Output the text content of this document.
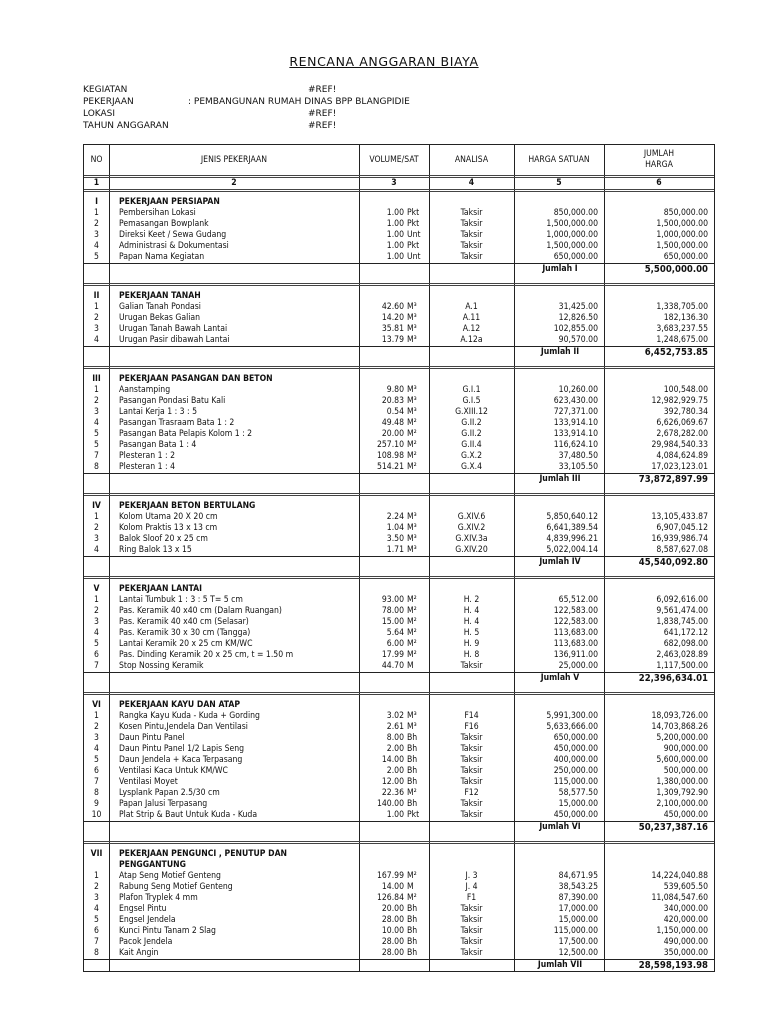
RENCANA ANGGARAN BIAYA
KEGIATAN	#REF!
PEKERJAAN	: PEMBANGUNAN RUMAH DINAS BPP BLANGPIDIE
LOKASI	#REF!
TAHUN ANGGARAN	#REF!
NO	JENIS PEKERJAAN	VOLUME/SAT	ANALISA	HARGA SATUAN
JUMLAH
HARGA
1	2	3	4	5	6
I	PEKERJAAN PERSIAPAN
1	Pembersihan Lokasi	1.00 Pkt	Taksir	850,000.00	850,000.00
2	Pemasangan Bowplank	1.00 Pkt	Taksir	1,500,000.00	1,500,000.00
3	Direksi Keet / Sewa Gudang	1.00 Unt	Taksir	1,000,000.00	1,000,000.00
4	Administrasi & Dokumentasi	1.00 Pkt	Taksir	1,500,000.00	1,500,000.00
5	Papan Nama Kegiatan	1.00 Unt	Taksir	650,000.00	650,000.00
Jumlah I	5,500,000.00
II	PEKERJAAN TANAH
1	Galian Tanah Pondasi	42.60 M³	A.1	31,425.00	1,338,705.00
2	Urugan Bekas Galian	14.20 M³	A.11	12,826.50	182,136.30
3	Urugan Tanah Bawah Lantai	35.81 M³	A.12	102,855.00	3,683,237.55
4	Urugan Pasir dibawah Lantai	13.79 M³	A.12a	90,570.00	1,248,675.00
Jumlah II	6,452,753.85
III	PEKERJAAN PASANGAN DAN BETON
1	Aanstamping	9.80 M³	G.I.1	10,260.00	100,548.00
2	Pasangan Pondasi Batu Kali	20.83 M³	G.I.5	623,430.00	12,982,929.75
3	Lantai Kerja 1 : 3 : 5	0.54 M³	G.XIII.12	727,371.00	392,780.34
4	Pasangan Trasraam Bata 1 : 2	49.48 M²	G.II.2	133,914.10	6,626,069.67
5	Pasangan Bata Pelapis Kolom 1 : 2	20.00 M²	G.II.2	133,914.10	2,678,282.00
5	Pasangan Bata 1 : 4	257.10 M²	G.II.4	116,624.10	29,984,540.33
7	Plesteran 1 : 2	108.98 M²	G.X.2	37,480.50	4,084,624.89
8	Plesteran 1 : 4	514.21 M²	G.X.4	33,105.50	17,023,123.01
Jumlah III	73,872,897.99
IV	PEKERJAAN BETON BERTULANG
1	Kolom Utama 20 X 20 cm	2.24 M³	G.XIV.6	5,850,640.12	13,105,433.87
2	Kolom Praktis 13 x 13 cm	1.04 M³	G.XIV.2	6,641,389.54	6,907,045.12
3	Balok Sloof 20 x 25 cm	3.50 M³	G.XIV.3a	4,839,996.21	16,939,986.74
4	Ring Balok 13 x 15	1.71 M³	G.XIV.20	5,022,004.14	8,587,627.08
Jumlah IV	45,540,092.80
V	PEKERJAAN LANTAI
1	Lantai Tumbuk 1 : 3 : 5 T= 5 cm	93.00 M²	H. 2	65,512.00	6,092,616.00
2	Pas. Keramik 40 x40 cm (Dalam Ruangan)	78.00 M²	H. 4	122,583.00	9,561,474.00
3	Pas. Keramik 40 x40 cm (Selasar)	15.00 M²	H. 4	122,583.00	1,838,745.00
4	Pas. Keramik 30 x 30 cm (Tangga)	5.64 M²	H. 5	113,683.00	641,172.12
5	Lantai Keramik 20 x 25 cm KM/WC	6.00 M²	H. 9	113,683.00	682,098.00
6	Pas. Dinding Keramik 20 x 25 cm, t = 1.50 m	17.99 M²	H. 8	136,911.00	2,463,028.89
7	Stop Nossing Keramik	44.70 M	Taksir	25,000.00	1,117,500.00
Jumlah V	22,396,634.01
VI	PEKERJAAN KAYU DAN ATAP
1	Rangka Kayu Kuda - Kuda + Gording	3.02 M³	F14	5,991,300.00	18,093,726.00
2	Kosen Pintu,Jendela Dan Ventilasi	2.61 M³	F16	5,633,666.00	14,703,868.26
3	Daun Pintu Panel	8.00 Bh	Taksir	650,000.00	5,200,000.00
4	Daun Pintu Panel 1/2 Lapis Seng	2.00 Bh	Taksir	450,000.00	900,000.00
5	Daun Jendela + Kaca Terpasang	14.00 Bh	Taksir	400,000.00	5,600,000.00
6	Ventilasi Kaca Untuk KM/WC	2.00 Bh	Taksir	250,000.00	500,000.00
7	Ventilasi Moyet	12.00 Bh	Taksir	115,000.00	1,380,000.00
8	Lysplank Papan 2.5/30 cm	22.36 M²	F12	58,577.50	1,309,792.90
9	Papan Jalusi Terpasang	140.00 Bh	Taksir	15,000.00	2,100,000.00
10	Plat Strip & Baut Untuk Kuda - Kuda	1.00 Pkt	Taksir	450,000.00	450,000.00
Jumlah VI	50,237,387.16
VII	PEKERJAAN PENGUNCI , PENUTUP DAN PENGGANTUNG
1	Atap Seng Motief Genteng	167.99 M²	J. 3	84,671.95	14,224,040.88
2	Rabung Seng Motief Genteng	14.00 M	J. 4	38,543.25	539,605.50
3	Plafon Tryplek 4 mm	126.84 M²	F1	87,390.00	11,084,547.60
4	Engsel Pintu	20.00 Bh	Taksir	17,000.00	340,000.00
5	Engsel Jendela	28.00 Bh	Taksir	15,000.00	420,000.00
6	Kunci Pintu Tanam 2 Slag	10.00 Bh	Taksir	115,000.00	1,150,000.00
7	Pacok Jendela	28.00 Bh	Taksir	17,500.00	490,000.00
8	Kait Angin	28.00 Bh	Taksir	12,500.00	350,000.00
Jumlah VII	28,598,193.98
